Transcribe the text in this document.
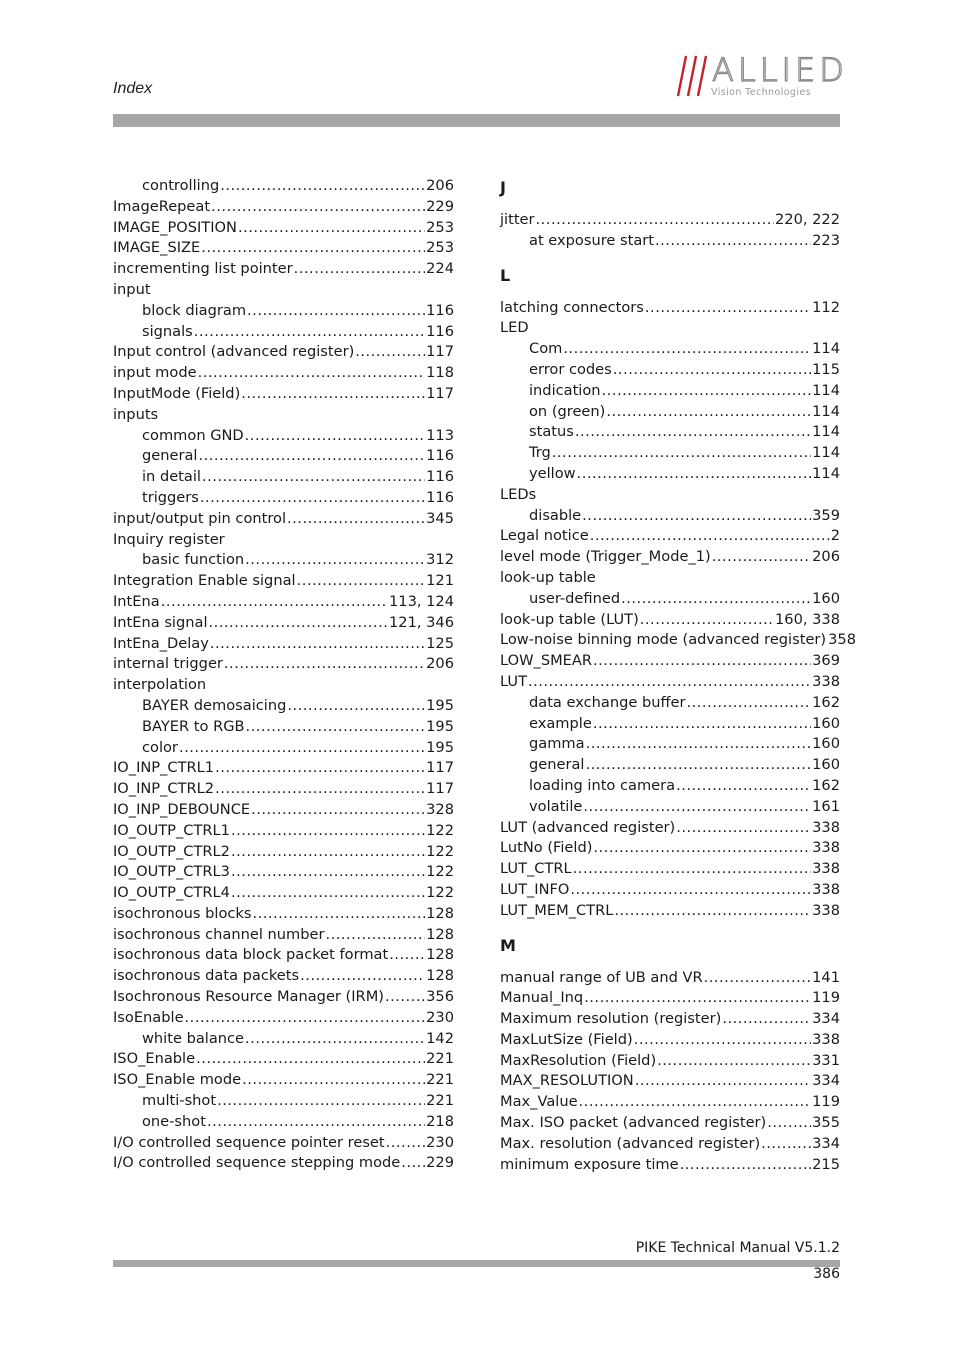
Index	ALLIED
Vision Technologies
controlling .....	206
ImageRepeat .....	229
IMAGE_POSITION .....	253
IMAGE_SIZE .....	253
incrementing list pointer .....	224
input
block diagram .....	116
signals .....	116
Input control (advanced register) .....	117
input mode .....	118
InputMode (Field) .....	117
inputs
common GND .....	113
general .....	116
in detail .....	116
triggers .....	116
input/output pin control .....	345
Inquiry register
basic function .....	312
Integration Enable signal .....	121
IntEna .....	113, 124
IntEna signal .....	121, 346
IntEna_Delay .....	125
internal trigger .....	206
interpolation
BAYER demosaicing .....	195
BAYER to RGB .....	195
color .....	195
IO_INP_CTRL1 .....	117
IO_INP_CTRL2 .....	117
IO_INP_DEBOUNCE .....	328
IO_OUTP_CTRL1 .....	122
IO_OUTP_CTRL2 .....	122
IO_OUTP_CTRL3 .....	122
IO_OUTP_CTRL4 .....	122
isochronous blocks .....	128
isochronous channel number .....	128
isochronous data block packet format .....	128
isochronous data packets .....	128
Isochronous Resource Manager (IRM) .....	356
IsoEnable .....	230
white balance .....	142
ISO_Enable .....	221
ISO_Enable mode .....	221
multi-shot .....	221
one-shot .....	218
I/O controlled sequence pointer reset .....	230
I/O controlled sequence stepping mode ..... 229
J
jitter .....	220, 222
at exposure start .....	223
L
latching connectors .....	112
LED
Com .....	114
error codes .....	115
indication .....	114
on (green) .....	114
status .....	114
Trg .....	114
yellow .....	114
LEDs
disable .....	359
Legal notice .....	2
level mode (Trigger_Mode_1) .....	206
look-up table
user-defined .....	160
look-up table (LUT) .....	160, 338
Low-noise binning mode (advanced register) 358
LOW_SMEAR .....	369
LUT .....	338
data exchange buffer .....	162
example .....	160
gamma .....	160
general .....	160
loading into camera .....	162
volatile .....	161
LUT (advanced register) .....	338
LutNo (Field) .....	338
LUT_CTRL .....	338
LUT_INFO .....	338
LUT_MEM_CTRL .....	338
M
manual range of UB and VR .....	141
Manual_Inq .....	119
Maximum resolution (register) .....	334
MaxLutSize (Field) .....	338
MaxResolution (Field) .....	331
MAX_RESOLUTION .....	334
Max_Value .....	119
Max. ISO packet (advanced register) .....	355
Max. resolution (advanced register) .....	334
minimum exposure time .....	215
PIKE Technical Manual V5.1.2
386
